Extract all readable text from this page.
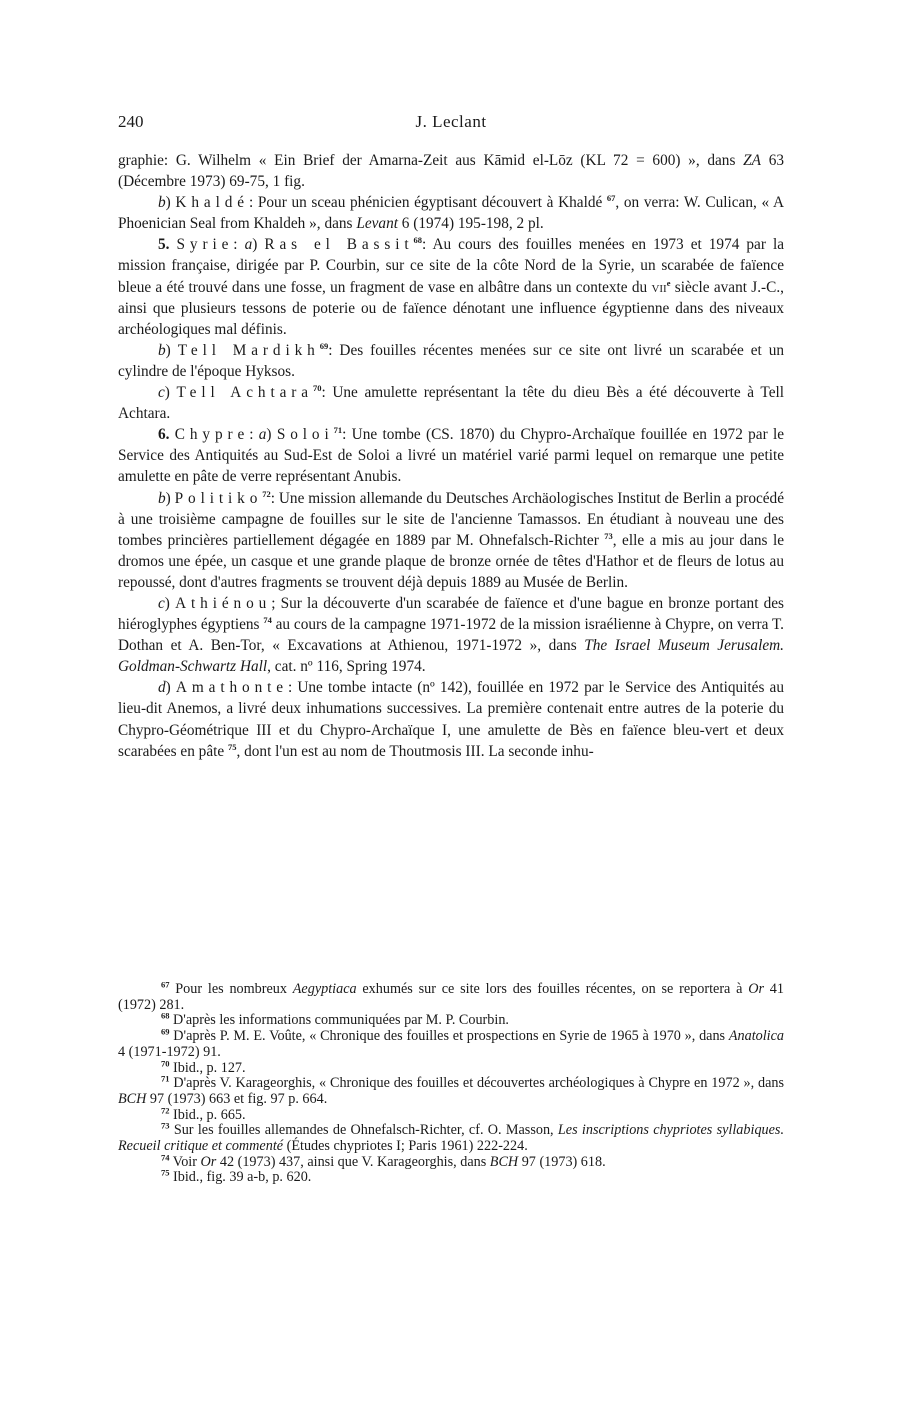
240	J. Leclant

graphie: G. Wilhelm « Ein Brief der Amarna-Zeit aus Kāmid el-Lōz (KL 72 = 600) », dans ZA 63 (Décembre 1973) 69-75, 1 fig.

b) Khaldé: Pour un sceau phénicien égyptisant découvert à Khaldé $^{67}$, on verra: W. Culican, « A Phoenician Seal from Khaldeh », dans Levant 6 (1974) 195-198, 2 pl.

5. Syrie: a) Ras el Bassit$^{68}$: Au cours des fouilles menées en 1973 et 1974 par la mission française, dirigée par P. Courbin, sur ce site de la côte Nord de la Syrie, un scarabée de faïence bleue a été trouvé dans une fosse, un fragment de vase en albâtre dans un contexte du vii$^e$ siècle avant J.-C., ainsi que plusieurs tessons de poterie ou de faïence dénotant une influence égyptienne dans des niveaux archéologiques mal définis.

b) Tell Mardikh$^{69}$: Des fouilles récentes menées sur ce site ont livré un scarabée et un cylindre de l'époque Hyksos.

c) Tell Achtara$^{70}$: Une amulette représentant la tête du dieu Bès a été découverte à Tell Achtara.

6. Chypre: a) Soloi$^{71}$: Une tombe (CS. 1870) du Chypro-Archaïque fouillée en 1972 par le Service des Antiquités au Sud-Est de Soloi a livré un matériel varié parmi lequel on remarque une petite amulette en pâte de verre représentant Anubis.

b) Politiko$^{72}$: Une mission allemande du Deutsches Archäologisches Institut de Berlin a procédé à une troisième campagne de fouilles sur le site de l'ancienne Tamassos. En étudiant à nouveau une des tombes princières partiellement dégagée en 1889 par M. Ohnefalsch-Richter $^{73}$, elle a mis au jour dans le dromos une épée, un casque et une grande plaque de bronze ornée de têtes d'Hathor et de fleurs de lotus au repoussé, dont d'autres fragments se trouvent déjà depuis 1889 au Musée de Berlin.

c) Athiénou; Sur la découverte d'un scarabée de faïence et d'une bague en bronze portant des hiéroglyphes égyptiens $^{74}$ au cours de la campagne 1971-1972 de la mission israélienne à Chypre, on verra T. Dothan et A. Ben-Tor, « Excavations at Athienou, 1971-1972 », dans The Israel Museum Jerusalem. Goldman-Schwartz Hall, cat. nº 116, Spring 1974.

d) Amathonte: Une tombe intacte (nº 142), fouillée en 1972 par le Service des Antiquités au lieu-dit Anemos, a livré deux inhumations successives. La première contenait entre autres de la poterie du Chypro-Géométrique III et du Chypro-Archaïque I, une amulette de Bès en faïence bleu-vert et deux scarabées en pâte $^{75}$, dont l'un est au nom de Thoutmosis III. La seconde inhu-

$^{67}$ Pour les nombreux Aegyptiaca exhumés sur ce site lors des fouilles récentes, on se reportera à Or 41 (1972) 281.

$^{68}$ D'après les informations communiquées par M. P. Courbin.

$^{69}$ D'après P. M. E. Voûte, « Chronique des fouilles et prospections en Syrie de 1965 à 1970 », dans Anatolica 4 (1971-1972) 91.

$^{70}$ Ibid., p. 127.

$^{71}$ D'après V. Karageorghis, « Chronique des fouilles et découvertes archéologiques à Chypre en 1972 », dans BCH 97 (1973) 663 et fig. 97 p. 664.

$^{72}$ Ibid., p. 665.

$^{73}$ Sur les fouilles allemandes de Ohnefalsch-Richter, cf. O. Masson, Les inscriptions chypriotes syllabiques. Recueil critique et commenté (Études chypriotes I; Paris 1961) 222-224.

$^{74}$ Voir Or 42 (1973) 437, ainsi que V. Karageorghis, dans BCH 97 (1973) 618.

$^{75}$ Ibid., fig. 39 a-b, p. 620.
